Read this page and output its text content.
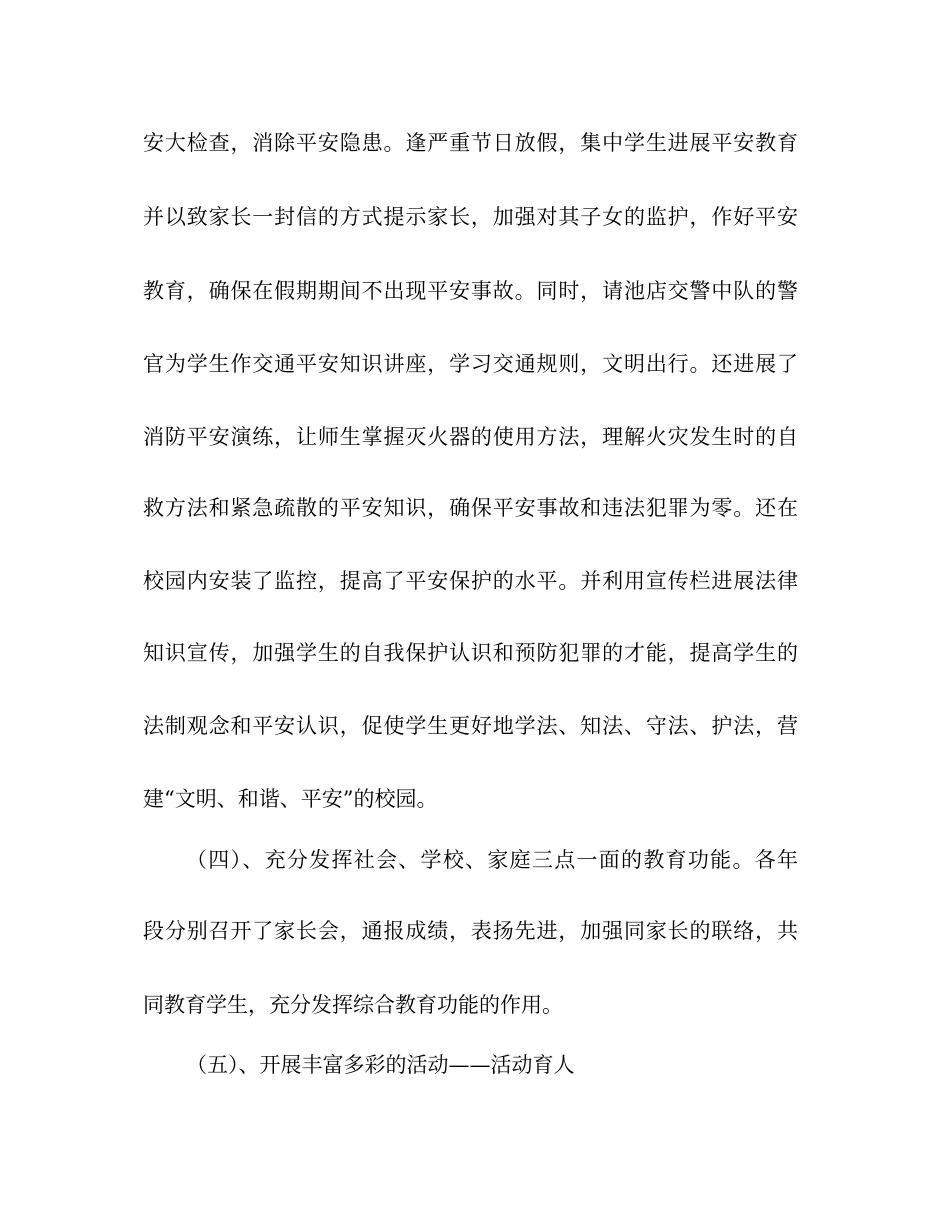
安大检查，消除平安隐患。逢严重节日放假，集中学生进展平安教育
并以致家长一封信的方式提示家长，加强对其子女的监护，作好平安
教育，确保在假期期间不出现平安事故。同时，请池店交警中队的警
官为学生作交通平安知识讲座，学习交通规则，文明出行。还进展了
消防平安演练，让师生掌握灭火器的使用方法，理解火灾发生时的自
救方法和紧急疏散的平安知识，确保平安事故和违法犯罪为零。还在
校园内安装了监控，提高了平安保护的水平。并利用宣传栏进展法律
知识宣传，加强学生的自我保护认识和预防犯罪的才能，提高学生的
法制观念和平安认识，促使学生更好地学法、知法、守法、护法，营
建“文明、和谐、平安”的校园。
（四）、充分发挥社会、学校、家庭三点一面的教育功能。各年
段分别召开了家长会，通报成绩，表扬先进，加强同家长的联络，共
同教育学生，充分发挥综合教育功能的作用。
（五）、开展丰富多彩的活动——活动育人
